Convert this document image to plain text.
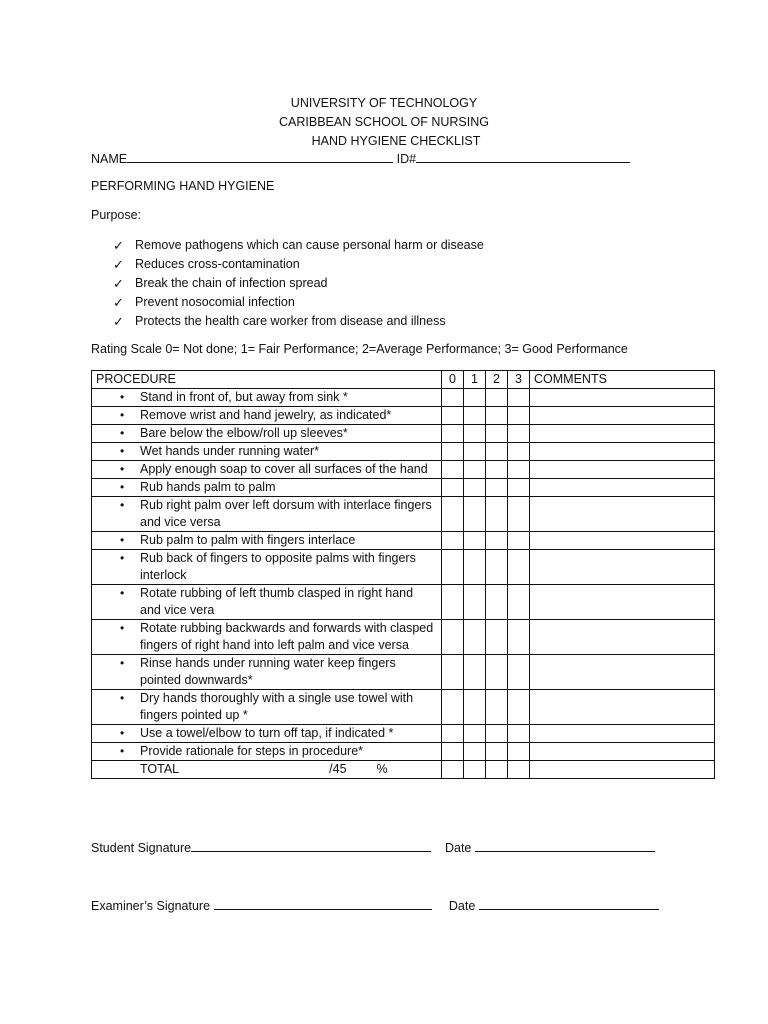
UNIVERSITY OF TECHNOLOGY
CARIBBEAN SCHOOL OF NURSING
HAND HYGIENE CHECKLIST
NAME	ID#
PERFORMING HAND HYGIENE
Purpose:
✓ Remove pathogens which can cause personal harm or disease
✓ Reduces cross-contamination
✓ Break the chain of infection spread
✓ Prevent nosocomial infection
✓ Protects the health care worker from disease and illness
Rating Scale 0= Not done; 1= Fair Performance; 2=Average Performance; 3= Good Performance
PROCEDURE	0	1	2	3	COMMENTS

• Stand in front of, but away from sink *					

• Remove wrist and hand jewelry, as indicated*					

• Bare below the elbow/roll up sleeves*					

• Wet hands under running water*					

• Apply enough soap to cover all surfaces of the hand					

• Rub hands palm to palm					

• Rub right palm over left dorsum with interlace fingers and vice versa					

• Rub palm to palm with fingers interlace					

• Rub back of fingers to opposite palms with fingers interlock					

• Rotate rubbing of left thumb clasped in right hand and vice vera					

• Rotate rubbing backwards and forwards with clasped fingers of right hand into left palm and vice versa					

• Rinse hands under running water keep fingers pointed downwards*					

• Dry hands thoroughly with a single use towel with fingers pointed up *					

• Use a towel/elbow to turn off tap, if indicated *					

• Provide rationale for steps in procedure*					

TOTAL /45 %					
Student Signature	Date
Examiner’s Signature	Date
